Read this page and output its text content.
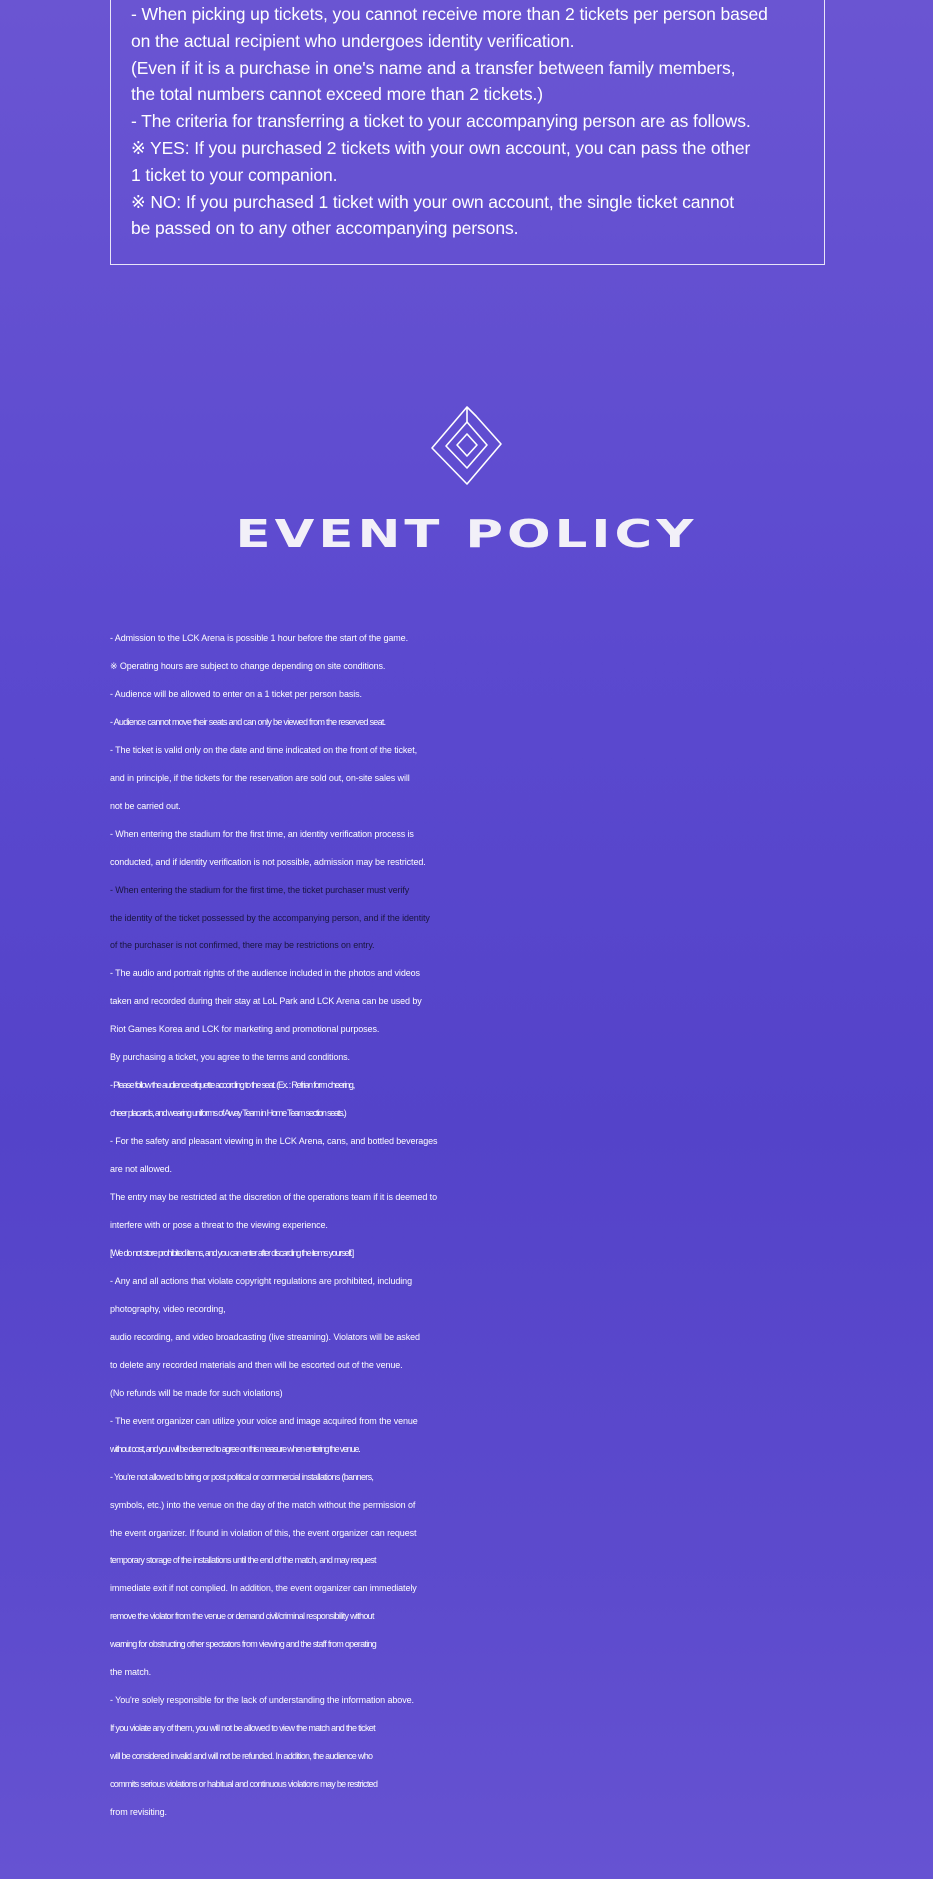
- When picking up tickets, you cannot receive more than 2 tickets per person based
on the actual recipient who undergoes identity verification.
(Even if it is a purchase in one's name and a transfer between family members,
the total numbers cannot exceed more than 2 tickets.)
- The criteria for transferring a ticket to your accompanying person are as follows.
※ YES: If you purchased 2 tickets with your own account, you can pass the other
1 ticket to your companion.
※ NO: If you purchased 1 ticket with your own account, the single ticket cannot
be passed on to any other accompanying persons.
EVENT POLICY
- Admission to the LCK Arena is possible 1 hour before the start of the game.
※ Operating hours are subject to change depending on site conditions.
- Audience will be allowed to enter on a 1 ticket per person basis.
- Audience cannot move their seats and can only be viewed from the reserved seat.
- The ticket is valid only on the date and time indicated on the front of the ticket,
and in principle, if the tickets for the reservation are sold out, on-site sales will
not be carried out.
- When entering the stadium for the first time, an identity verification process is
conducted, and if identity verification is not possible, admission may be restricted.
- When entering the stadium for the first time, the ticket purchaser must verify
the identity of the ticket possessed by the accompanying person, and if the identity
of the purchaser is not confirmed, there may be restrictions on entry.
- The audio and portrait rights of the audience included in the photos and videos
taken and recorded during their stay at LoL Park and LCK Arena can be used by
Riot Games Korea and LCK for marketing and promotional purposes.
By purchasing a ticket, you agree to the terms and conditions.
- Please follow the audience etiquette according to the seat. (Ex. : Refrian form cheering,
cheer placards, and wearing uniforms of Away Team in Home Team section seats.)
- For the safety and pleasant viewing in the LCK Arena, cans, and bottled beverages
are not allowed.
The entry may be restricted at the discretion of the operations team if it is deemed to
interfere with or pose a threat to the viewing experience.
[We do not store prohibited items, and you can enter after discarding the items yourself.]
- Any and all actions that violate copyright regulations are prohibited, including
photography, video recording,
audio recording, and video broadcasting (live streaming). Violators will be asked
to delete any recorded materials and then will be escorted out of the venue.
(No refunds will be made for such violations)
- The event organizer can utilize your voice and image acquired from the venue
without cost, and you will be deemed to agree on this measure when entering the venue.
- You’re not allowed to bring or post political or commercial installations (banners,
symbols, etc.) into the venue on the day of the match without the permission of
the event organizer. If found in violation of this, the event organizer can request
temporary storage of the installations until the end of the match, and may request
immediate exit if not complied. In addition, the event organizer can immediately
remove the violator from the venue or demand civil/criminal responsibility without
warning for obstructing other spectators from viewing and the staff from operating
the match.
- You're solely responsible for the lack of understanding the information above.
If you violate any of them, you will not be allowed to view the match and the ticket
will be considered invalid and will not be refunded. In addition, the audience who
commits serious violations or habitual and continuous violations may be restricted
from revisiting.
